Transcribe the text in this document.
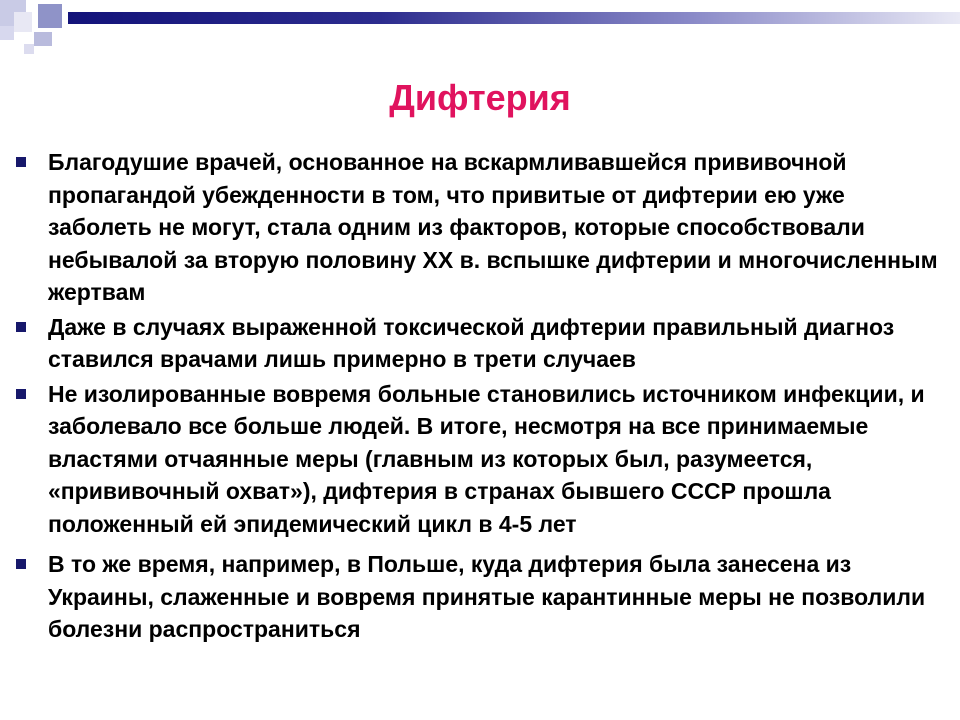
Дифтерия
Благодушие врачей, основанное на вскармливавшейся прививочной пропагандой убежденности в том, что привитые от дифтерии ею уже заболеть не могут, стала одним из факторов, которые способствовали небывалой за вторую половину XX в. вспышке дифтерии и многочисленным жертвам
Даже в случаях выраженной токсической дифтерии правильный диагноз ставился врачами лишь примерно в трети случаев
Не изолированные вовремя больные становились источником инфекции, и заболевало все больше людей. В итоге, несмотря на все принимаемые властями отчаянные меры (главным из которых был, разумеется, «прививочный охват»), дифтерия в странах бывшего СССР прошла положенный ей эпидемический цикл в 4-5 лет
В то же время, например, в Польше, куда дифтерия была занесена из Украины, слаженные и вовремя принятые карантинные меры не позволили болезни распространиться
